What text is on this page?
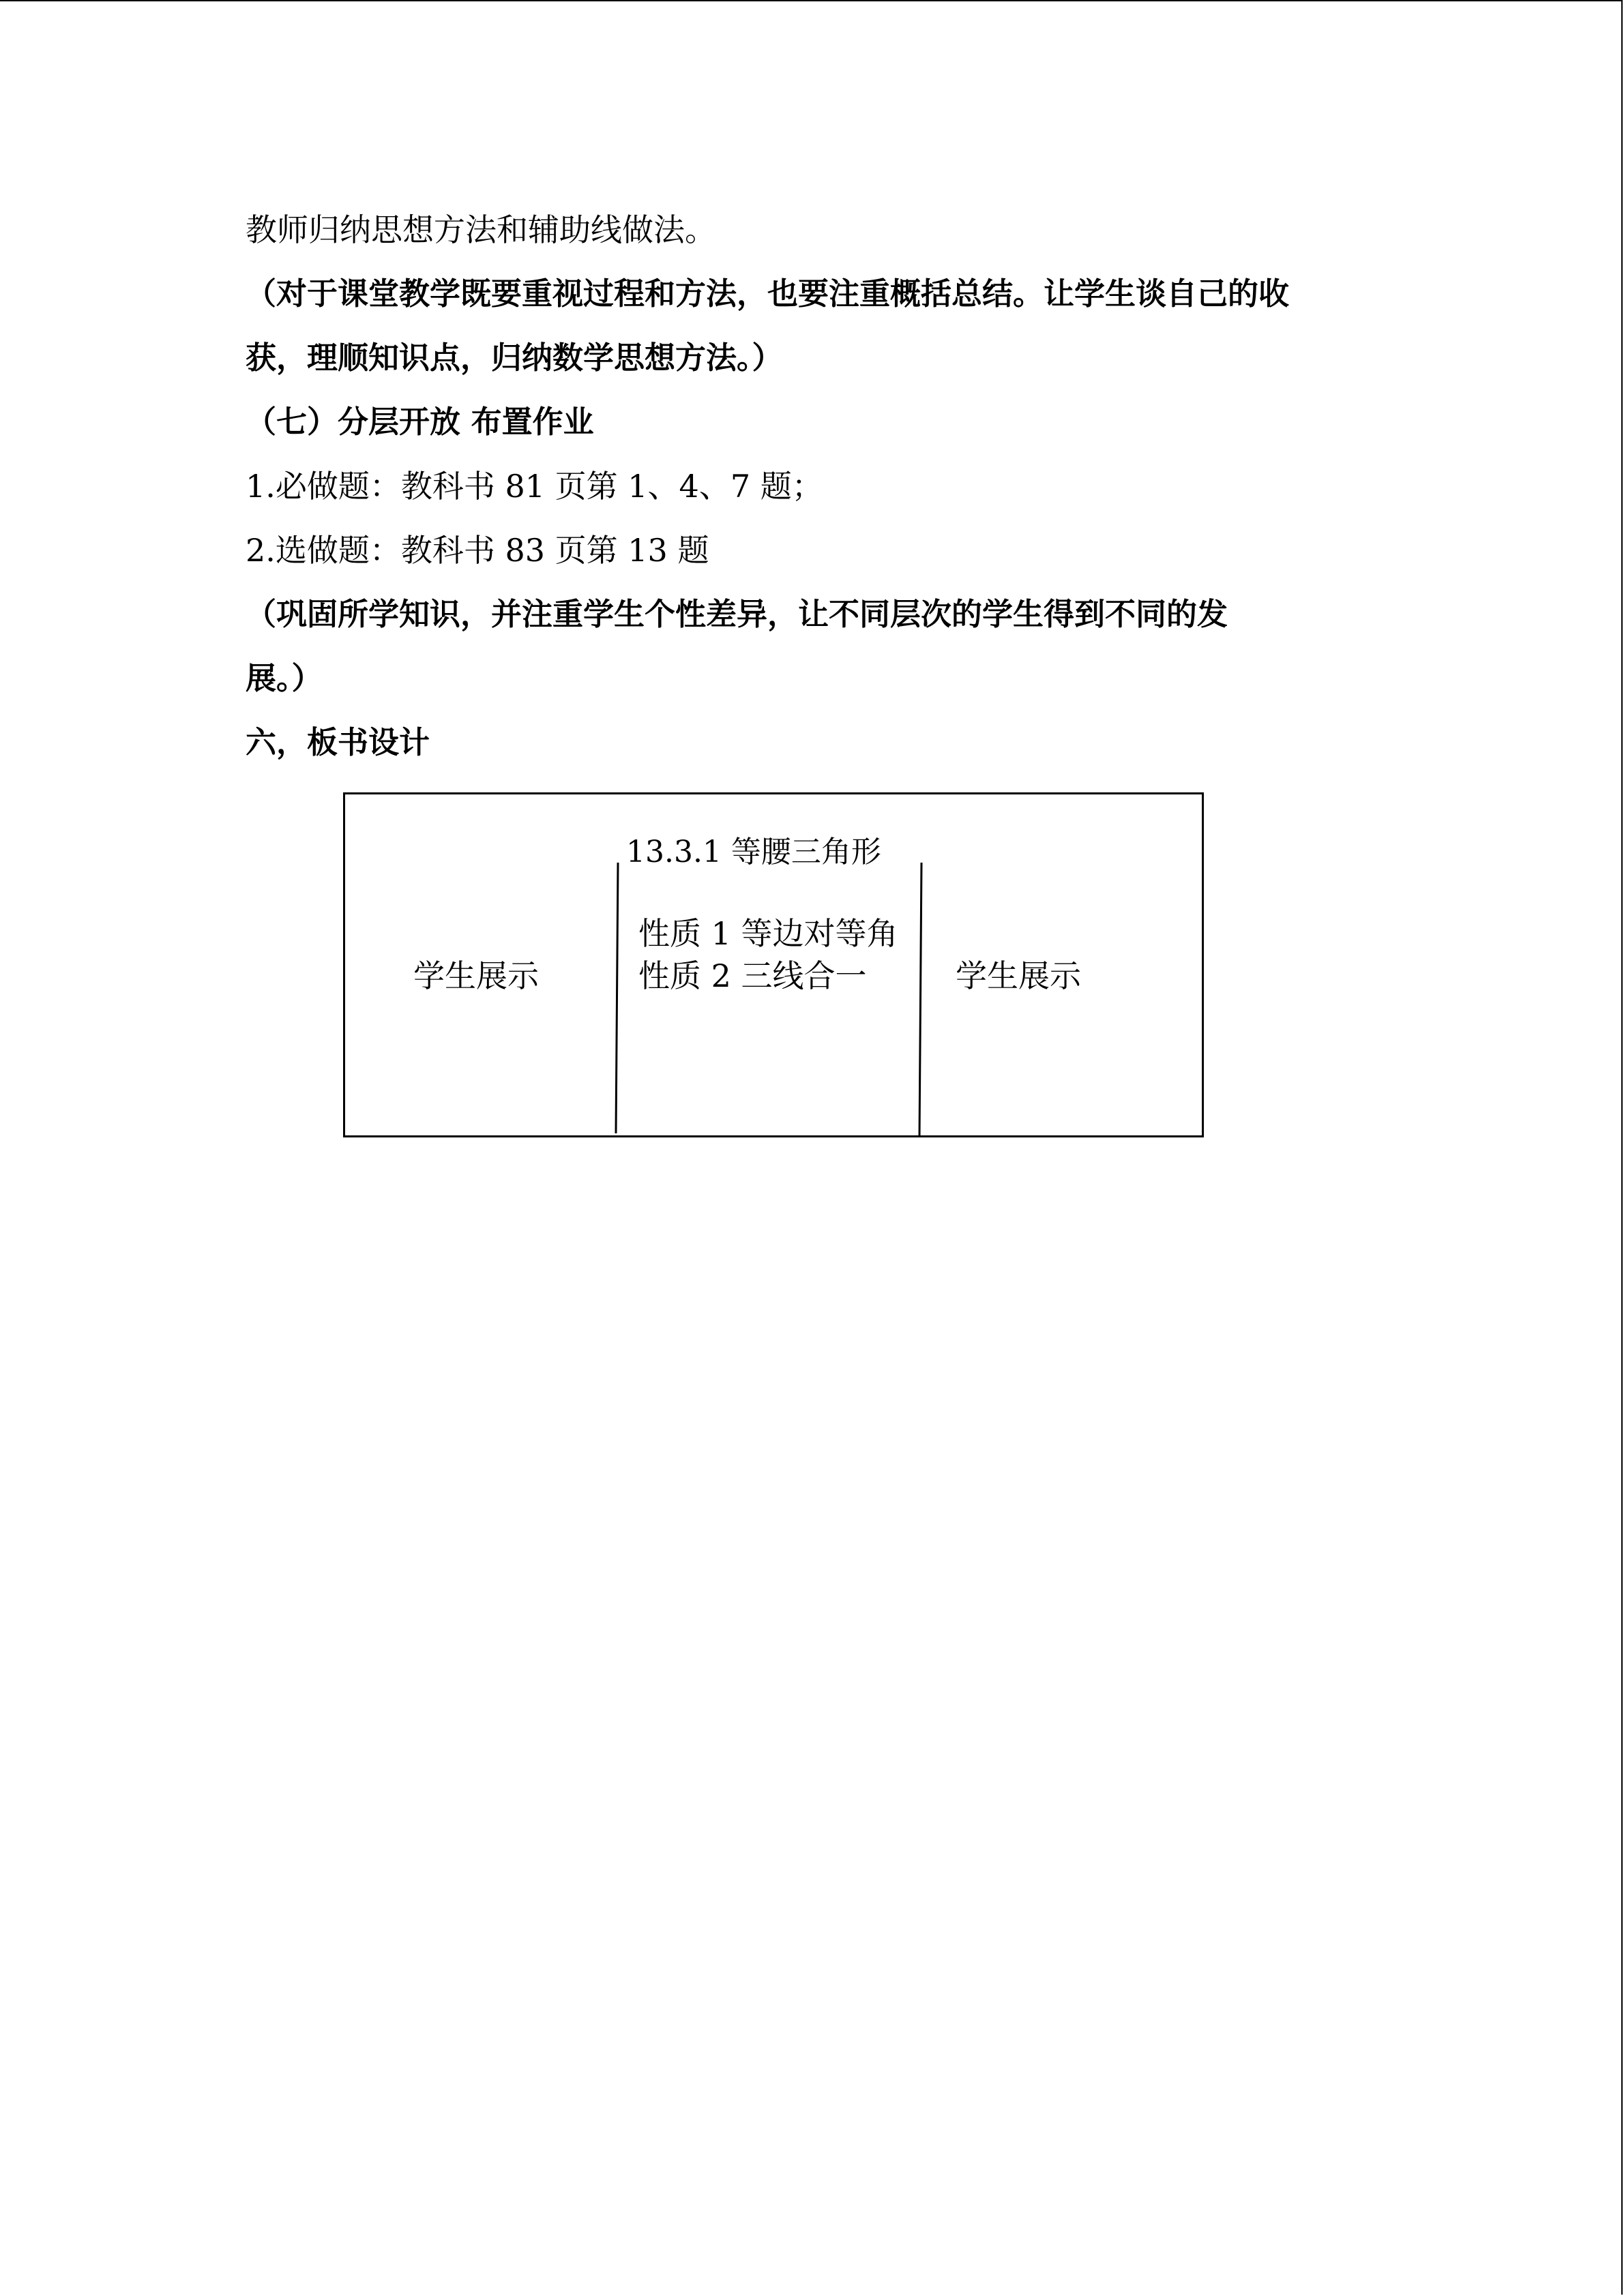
教师归纳思想方法和辅助线做法。
（对于课堂教学既要重视过程和方法，也要注重概括总结。让学生谈自己的收
获，理顺知识点，归纳数学思想方法。）
（七）分层开放 布置作业
1.必做题：教科书 81 页第 1、4、7 题；
2.选做题：教科书 83 页第 13 题
（巩固所学知识，并注重学生个性差异，让不同层次的学生得到不同的发
展。）
六，板书设计
13.3.1 等腰三角形
学生展示
性质 1 等边对等角
性质 2 三线合一	学生展示
